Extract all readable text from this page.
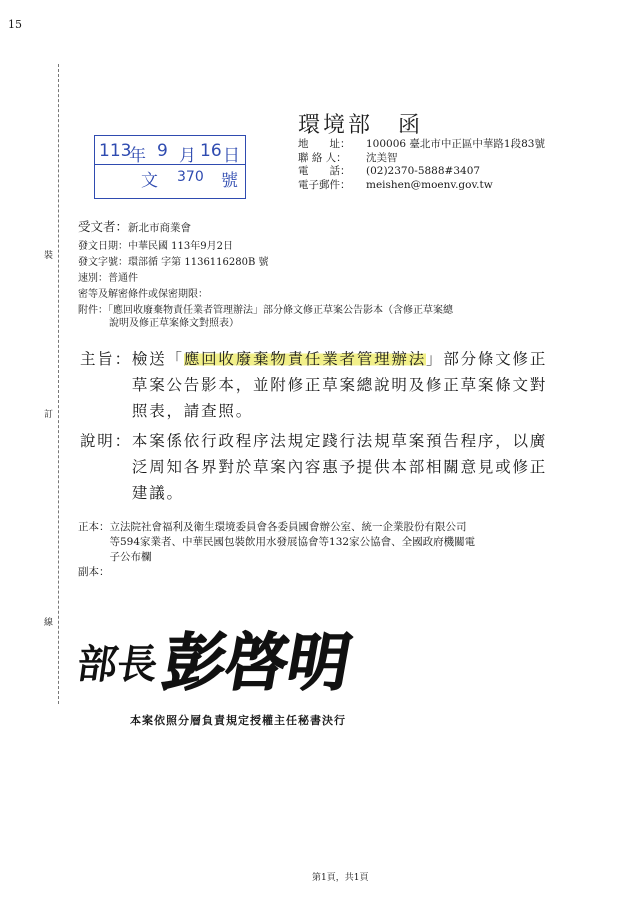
15
裝
訂
線
環境部　函
地　　址：	100006 臺北市中正區中華路1段83號
聯 絡 人：	沈美智
電　　話：	(02)2370-5888#3407
電子郵件：	meishen@moenv.gov.tw
113
年 9 月 16 日
文 370 號
受文者：新北市商業會
發文日期：中華民國 113年9月2日
發文字號：環部循 字第 1136116280B 號
速別：普通件
密等及解密條件或保密期限：
附件：「應回收廢棄物責任業者管理辦法」部分條文修正草案公告影本（含修正草案總
說明及修正草案條文對照表）
主旨： 檢送「應回收廢棄物責任業者管理辦法」部分條文修正
草案公告影本，並附修正草案總說明及修正草案條文對
照表，請查照。
說明： 本案係依行政程序法規定踐行法規草案預告程序，以廣
泛周知各界對於草案內容惠予提供本部相關意見或修正
建議。
正本： 立法院社會福利及衛生環境委員會各委員國會辦公室、統一企業股份有限公司
等594家業者、中華民國包裝飲用水發展協會等132家公協會、全國政府機關電
子公布欄
副本：
部長
彭啓明
本案依照分層負責規定授權主任秘書決行
第1頁，共1頁
